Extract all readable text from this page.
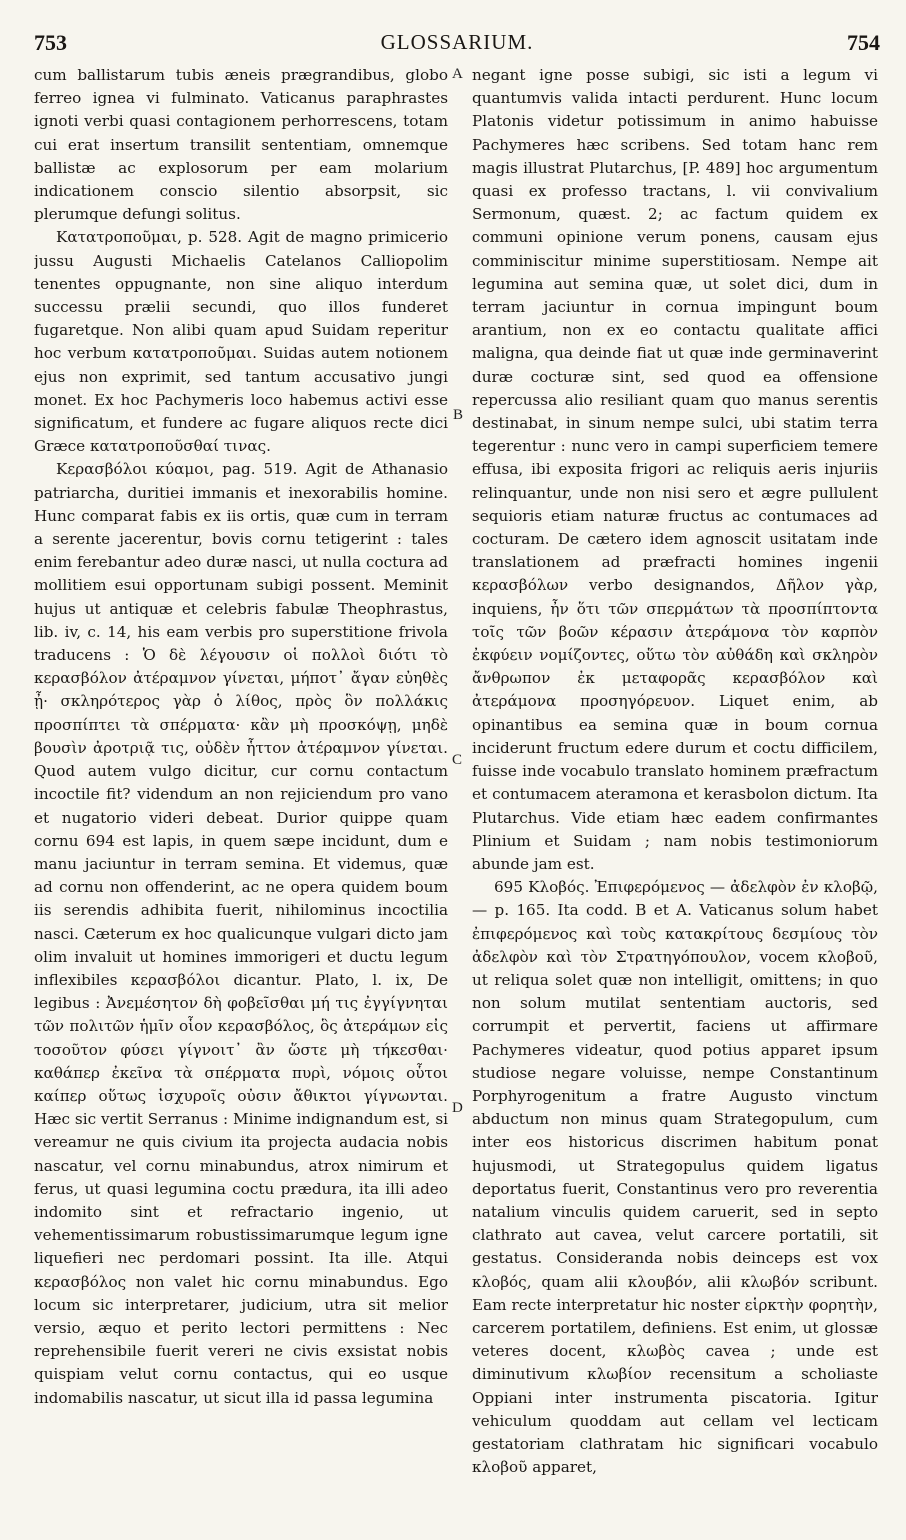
753	GLOSSARIUM.	754

cum ballistarum tubis æneis prægrandibus, globo ferreo ignea vi fulminato. Vaticanus paraphrastes ignoti verbi quasi contagionem perhorrescens, totam cui erat insertum transilit sententiam, omnemque ballistæ ac explosorum per eam molarium indicationem conscio silentio absorpsit, sic plerumque defungi solitus.

Κατατροποῦμαι, p. 528. Agit de magno primicerio jussu Augusti Michaelis Catelanos Calliopolim tenentes oppugnante, non sine aliquo interdum successu prælii secundi, quo illos funderet fugaretque. Non alibi quam apud Suidam reperitur hoc verbum κατατροποῦμαι. Suidas autem notionem ejus non exprimit, sed tantum accusativo jungi monet. Ex hoc Pachymeris loco habemus activi esse significatum, et fundere ac fugare aliquos recte dici Græce κατατροποῦσθαί τινας.

Κερασβόλοι κύαμοι, pag. 519. Agit de Athanasio patriarcha, duritiei immanis et inexorabilis homine. Hunc comparat fabis ex iis ortis, quæ cum in terram a serente jacerentur, bovis cornu tetigerint : tales enim ferebantur adeo duræ nasci, ut nulla coctura ad mollitiem esui opportunam subigi possent. Meminit hujus ut antiquæ et celebris fabulæ Theophrastus, lib. iv, c. 14, his eam verbis pro superstitione frivola traducens : Ὁ δὲ λέγουσιν οἱ πολλοὶ διότι τὸ κερασβόλον ἀτέραμνον γίνεται, μήποτ᾽ ἄγαν εὐηθὲς ᾖ· σκληρότερος γὰρ ὁ λίθος, πρὸς ὃν πολλάκις προσπίπτει τὰ σπέρματα· κἂν μὴ προσκόψῃ, μηδὲ βουσὶν ἀροτριᾷ τις, οὐδὲν ἧττον ἀτέραμνον γίνεται. Quod autem vulgo dicitur, cur cornu contactum incoctile fit? videndum an non rejiciendum pro vano et nugatorio videri debeat. Durior quippe quam cornu 694 est lapis, in quem sæpe incidunt, dum e manu jaciuntur in terram semina. Et videmus, quæ ad cornu non offenderint, ac ne opera quidem boum iis serendis adhibita fuerit, nihilominus incoctilia nasci. Cæterum ex hoc qualicunque vulgari dicto jam olim invaluit ut homines immorigeri et ductu legum inflexibiles κερασβόλοι dicantur. Plato, l. ix, De legibus : Ἀνεμέσητον δὴ φοβεῖσθαι μή τις ἐγγίγνηται τῶν πολιτῶν ἡμῖν οἷον κερασβόλος, ὃς ἀτεράμων εἰς τοσοῦτον φύσει γίγνοιτ᾽ ἂν ὥστε μὴ τήκεσθαι· καθάπερ ἐκεῖνα τὰ σπέρματα πυρὶ, νόμοις οὗτοι καίπερ οὕτως ἰσχυροῖς οὐσιν ἄθικτοι γίγνωνται. Hæc sic vertit Serranus : Minime indignandum est, si vereamur ne quis civium ita projecta audacia nobis nascatur, vel cornu minabundus, atrox nimirum et ferus, ut quasi legumina coctu prædura, ita illi adeo indomito sint et refractario ingenio, ut vehementissimarum robustissimarumque legum igne liquefieri nec perdomari possint. Ita ille. Atqui κερασβόλος non valet hic cornu minabundus. Ego locum sic interpretarer, judicium, utra sit melior versio, æquo et perito lectori permittens : Nec reprehensibile fuerit vereri ne civis exsistat nobis quispiam velut cornu contactus, qui eo usque indomabilis nascatur, ut sicut illa id passa legumina

negant igne posse subigi, sic isti a legum vi quantumvis valida intacti perdurent. Hunc locum Platonis videtur potissimum in animo habuisse Pachymeres hæc scribens. Sed totam hanc rem magis illustrat Plutarchus, [P. 489] hoc argumentum quasi ex professo tractans, l. vii convivalium Sermonum, quæst. 2; ac factum quidem ex communi opinione verum ponens, causam ejus comminiscitur minime superstitiosam. Nempe ait legumina aut semina quæ, ut solet dici, dum in terram jaciuntur in cornua impingunt boum arantium, non ex eo contactu qualitate affici maligna, qua deinde fiat ut quæ inde germinaverint duræ cocturæ sint, sed quod ea offensione repercussa alio resiliant quam quo manus serentis destinabat, in sinum nempe sulci, ubi statim terra tegerentur : nunc vero in campi superficiem temere effusa, ibi exposita frigori ac reliquis aeris injuriis relinquantur, unde non nisi sero et ægre pullulent sequioris etiam naturæ fructus ac contumaces ad cocturam. De cætero idem agnoscit usitatam inde translationem ad præfracti homines ingenii κερασβόλων verbo designandos, Δῆλον γὰρ, inquiens, ἦν ὅτι τῶν σπερμάτων τὰ προσπίπτοντα τοῖς τῶν βοῶν κέρασιν ἀτεράμονα τὸν καρπὸν ἐκφύειν νομίζοντες, οὕτω τὸν αὐθάδη καὶ σκληρὸν ἄνθρωπον ἐκ μεταφορᾶς κερασβόλον καὶ ἀτεράμονα προσηγόρευον. Liquet enim, ab opinantibus ea semina quæ in boum cornua inciderunt fructum edere durum et coctu difficilem, fuisse inde vocabulo translato hominem præfractum et contumacem ateramona et kerasbolon dictum. Ita Plutarchus. Vide etiam hæc eadem confirmantes Plinium et Suidam ; nam nobis testimoniorum abunde jam est.

695 Κλοβός. Ἐπιφερόμενος — ἀδελφὸν ἐν κλοβῷ, — p. 165. Ita codd. B et A. Vaticanus solum habet ἐπιφερόμενος καὶ τοὺς κατακρίτους δεσμίους τὸν ἀδελφὸν καὶ τὸν Στρατηγόπουλον, vocem κλοβοῦ, ut reliqua solet quæ non intelligit, omittens; in quo non solum mutilat sententiam auctoris, sed corrumpit et pervertit, faciens ut affirmare Pachymeres videatur, quod potius apparet ipsum studiose negare voluisse, nempe Constantinum Porphyrogenitum a fratre Augusto vinctum abductum non minus quam Strategopulum, cum inter eos historicus discrimen habitum ponat hujusmodi, ut Strategopulus quidem ligatus deportatus fuerit, Constantinus vero pro reverentia natalium vinculis quidem caruerit, sed in septo clathrato aut cavea, velut carcere portatili, sit gestatus. Consideranda nobis deinceps est vox κλοβός, quam alii κλουβόν, alii κλωβόν scribunt. Eam recte interpretatur hic noster εἱρκτὴν φορητὴν, carcerem portatilem, definiens. Est enim, ut glossæ veteres docent, κλωβὸς cavea ; unde est diminutivum κλωβίον recensitum a scholiaste Oppiani inter instrumenta piscatoria. Igitur vehiculum quoddam aut cellam vel lecticam gestatoriam clathratam hic significari vocabulo κλοβοῦ apparet,

A
B
C
D
